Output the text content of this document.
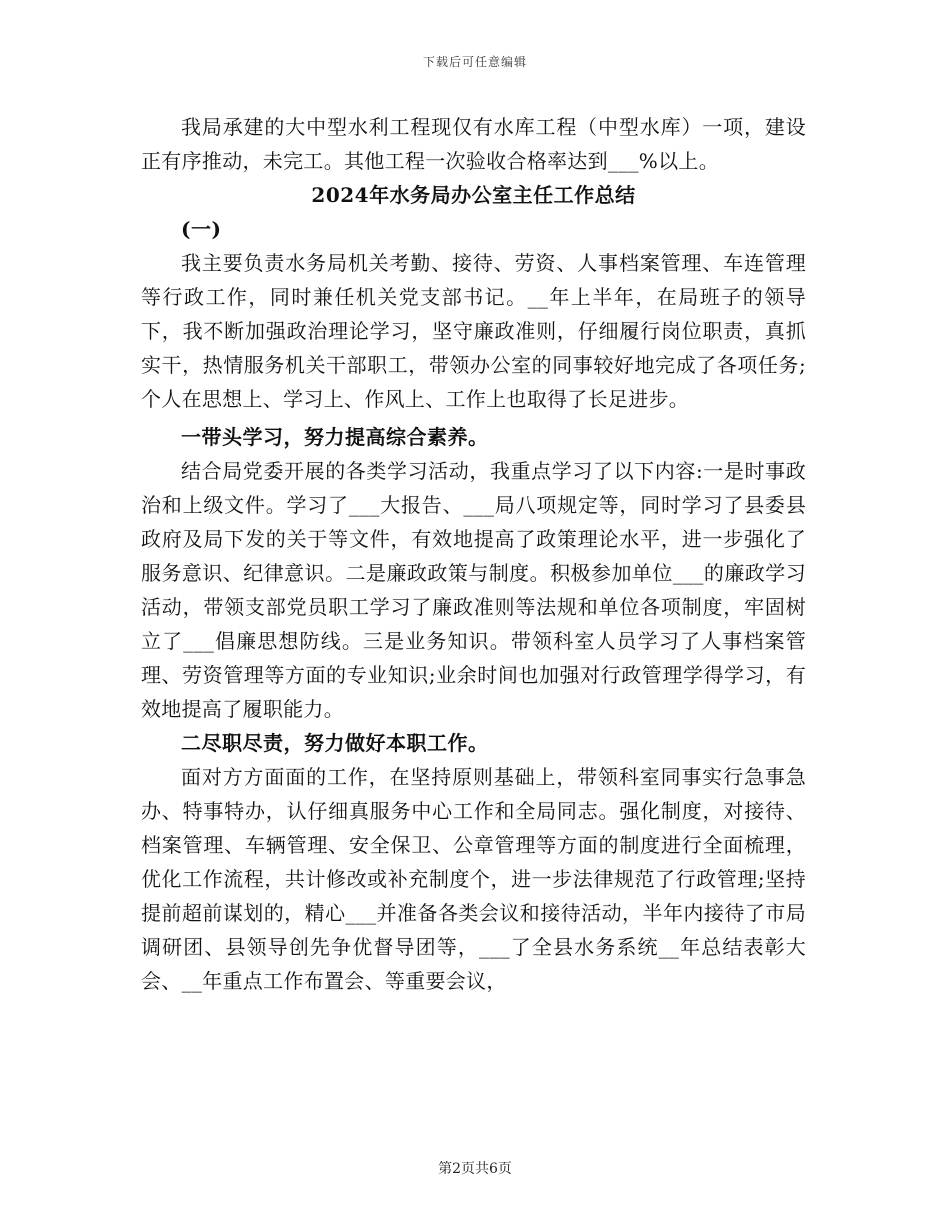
下载后可任意编辑

我局承建的大中型水利工程现仅有水库工程（中型水库）一项，建设正有序推动，未完工。其他工程一次验收合格率达到___%以上。

2024年水务局办公室主任工作总结

(一)

我主要负责水务局机关考勤、接待、劳资、人事档案管理、车连管理等行政工作，同时兼任机关党支部书记。__年上半年，在局班子的领导下，我不断加强政治理论学习，坚守廉政准则，仔细履行岗位职责，真抓实干，热情服务机关干部职工，带领办公室的同事较好地完成了各项任务;个人在思想上、学习上、作风上、工作上也取得了长足进步。

一带头学习，努力提高综合素养。

结合局党委开展的各类学习活动，我重点学习了以下内容:一是时事政治和上级文件。学习了___大报告、___局八项规定等，同时学习了县委县政府及局下发的关于等文件，有效地提高了政策理论水平，进一步强化了服务意识、纪律意识。二是廉政政策与制度。积极参加单位___的廉政学习活动，带领支部党员职工学习了廉政准则等法规和单位各项制度，牢固树立了___倡廉思想防线。三是业务知识。带领科室人员学习了人事档案管理、劳资管理等方面的专业知识;业余时间也加强对行政管理学得学习，有效地提高了履职能力。

二尽职尽责，努力做好本职工作。

面对方方面面的工作，在坚持原则基础上，带领科室同事实行急事急办、特事特办，认仔细真服务中心工作和全局同志。强化制度，对接待、档案管理、车辆管理、安全保卫、公章管理等方面的制度进行全面梳理，优化工作流程，共计修改或补充制度个，进一步法律规范了行政管理;坚持提前超前谋划的，精心___并准备各类会议和接待活动，半年内接待了市局调研团、县领导创先争优督导团等，___了全县水务系统__年总结表彰大会、__年重点工作布置会、等重要会议，

第2页共6页
